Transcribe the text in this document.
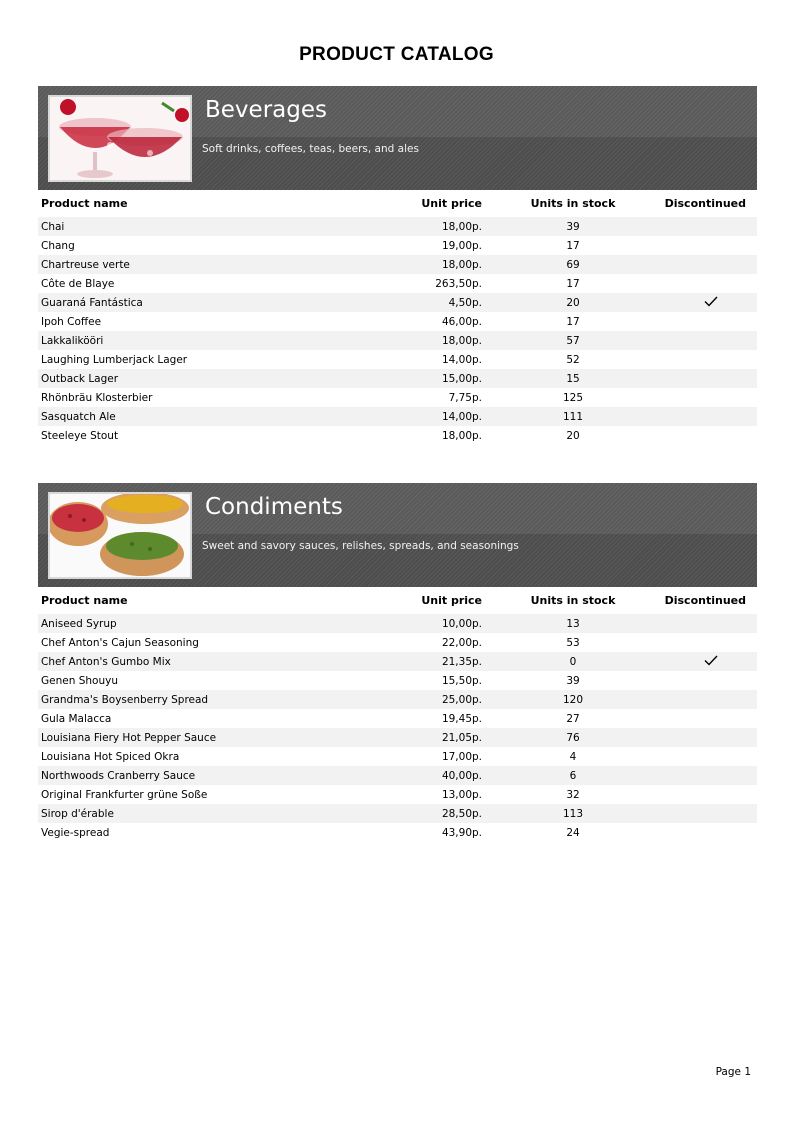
PRODUCT CATALOG
Beverages
Soft drinks, coffees, teas, beers, and ales
Product name	Unit price	Units in stock	Discontinued
Chai	18,00р.	39	
Chang	19,00р.	17	
Chartreuse verte	18,00р.	69	
Côte de Blaye	263,50р.	17	
Guaraná Fantástica	4,50р.	20	

Ipoh Coffee	46,00р.	17	
Lakkalikööri	18,00р.	57	
Laughing Lumberjack Lager	14,00р.	52	
Outback Lager	15,00р.	15	
Rhönbräu Klosterbier	7,75р.	125	
Sasquatch Ale	14,00р.	111	
Steeleye Stout	18,00р.	20	
Condiments
Sweet and savory sauces, relishes, spreads, and seasonings
Product name	Unit price	Units in stock	Discontinued
Aniseed Syrup	10,00р.	13	
Chef Anton's Cajun Seasoning	22,00р.	53	
Chef Anton's Gumbo Mix	21,35р.	0	

Genen Shouyu	15,50р.	39	
Grandma's Boysenberry Spread	25,00р.	120	
Gula Malacca	19,45р.	27	
Louisiana Fiery Hot Pepper Sauce	21,05р.	76	
Louisiana Hot Spiced Okra	17,00р.	4	
Northwoods Cranberry Sauce	40,00р.	6	
Original Frankfurter grüne Soße	13,00р.	32	
Sirop d'érable	28,50р.	113	
Vegie-spread	43,90р.	24	
Page 1
